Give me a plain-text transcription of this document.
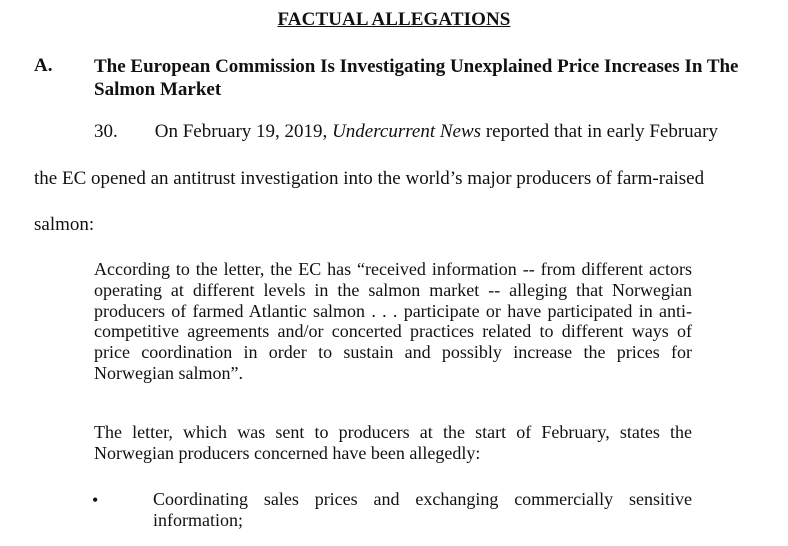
FACTUAL ALLEGATIONS
A. The European Commission Is Investigating Unexplained Price Increases In The Salmon Market
30. On February 19, 2019, Undercurrent News reported that in early February
the EC opened an antitrust investigation into the world’s major producers of farm-raised
salmon:
According to the letter, the EC has “received information -- from different actors operating at different levels in the salmon market -- alleging that Norwegian producers of farmed Atlantic salmon . . . participate or have participated in anti-competitive agreements and/or concerted practices related to different ways of price coordination in order to sustain and possibly increase the prices for Norwegian salmon”.
The letter, which was sent to producers at the start of February, states the Norwegian producers concerned have been allegedly:
•	Coordinating sales prices and exchanging commercially sensitive information;
